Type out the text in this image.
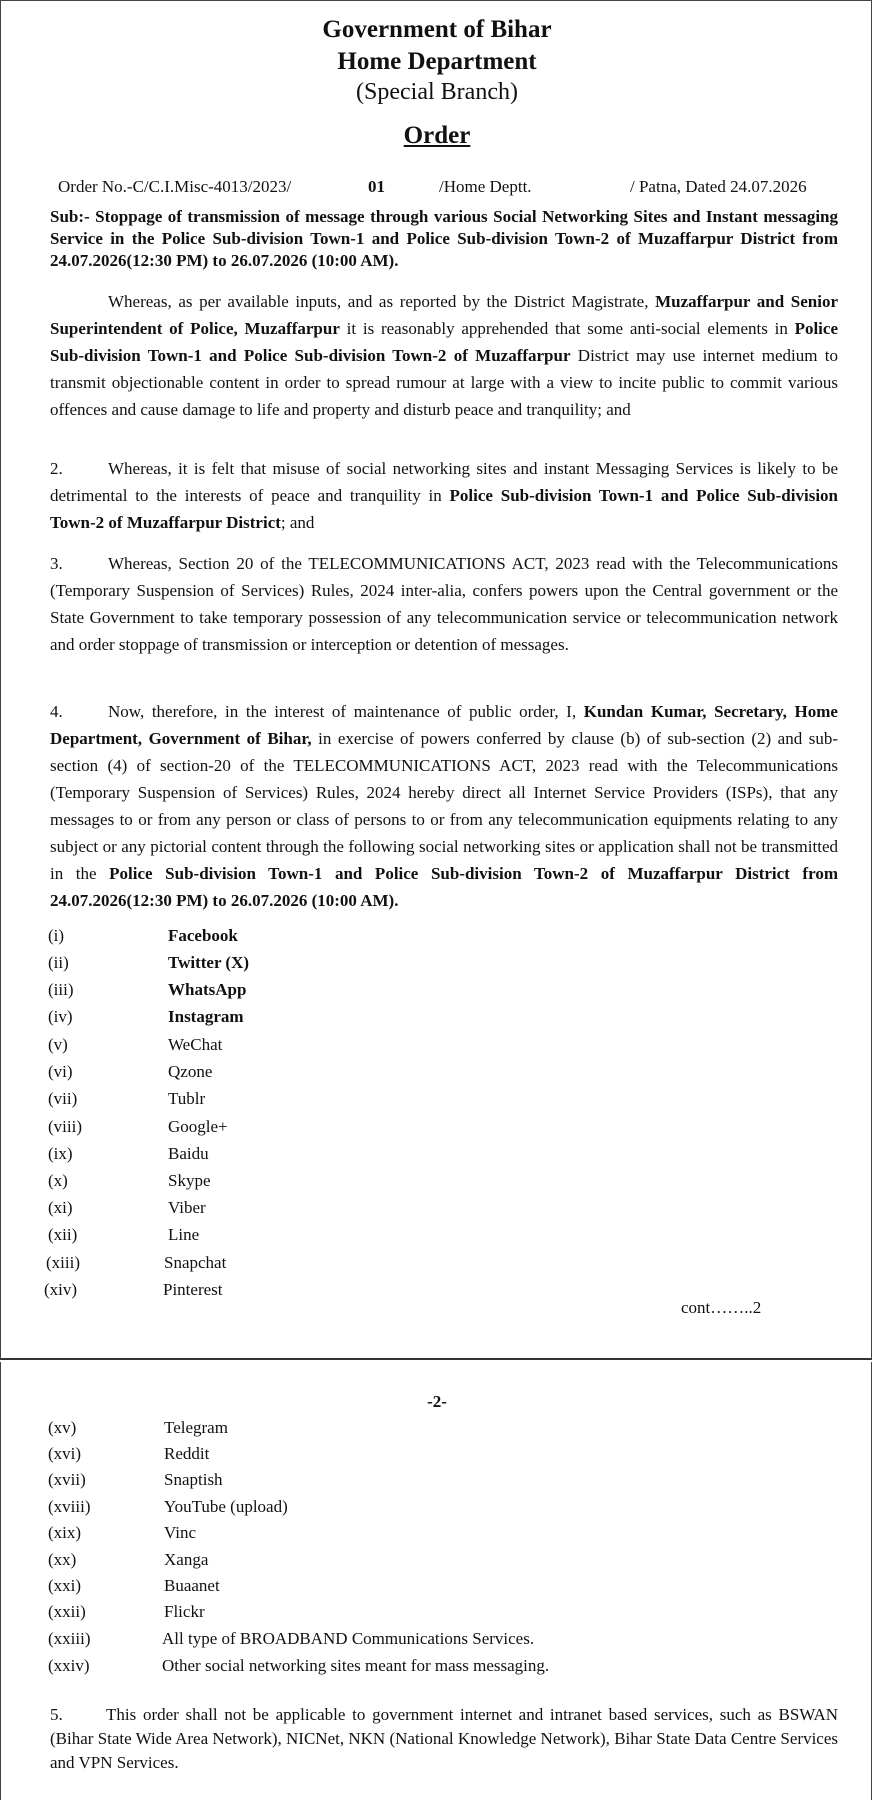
Government of Bihar
Home Department
(Special Branch)
Order
Order No.-C/C.I.Misc-4013/2023/	01	/Home Deptt.	/ Patna, Dated 24.07.2026
Sub:- Stoppage of transmission of message through various Social Networking Sites and Instant messaging Service in the Police Sub-division Town-1 and Police Sub-division Town-2 of Muzaffarpur District from 24.07.2026(12:30 PM) to 26.07.2026 (10:00 AM).
Whereas, as per available inputs, and as reported by the District Magistrate, Muzaffarpur and Senior Superintendent of Police, Muzaffarpur it is reasonably apprehended that some anti-social elements in Police Sub-division Town-1 and Police Sub-division Town-2 of Muzaffarpur District may use internet medium to transmit objectionable content in order to spread rumour at large with a view to incite public to commit various offences and cause damage to life and property and disturb peace and tranquility; and
2.	Whereas, it is felt that misuse of social networking sites and instant Messaging Services is likely to be detrimental to the interests of peace and tranquility in Police Sub-division Town-1 and Police Sub-division Town-2 of Muzaffarpur District; and
3.	Whereas, Section 20 of the TELECOMMUNICATIONS ACT, 2023 read with the Telecommunications (Temporary Suspension of Services) Rules, 2024 inter-alia, confers powers upon the Central government or the State Government to take temporary possession of any telecommunication service or telecommunication network and order stoppage of transmission or interception or detention of messages.
4.	Now, therefore, in the interest of maintenance of public order, I, Kundan Kumar, Secretary, Home Department, Government of Bihar, in exercise of powers conferred by clause (b) of sub-section (2) and sub-section (4) of section-20 of the TELECOMMUNICATIONS ACT, 2023 read with the Telecommunications (Temporary Suspension of Services) Rules, 2024 hereby direct all Internet Service Providers (ISPs), that any messages to or from any person or class of persons to or from any telecommunication equipments relating to any subject or any pictorial content through the following social networking sites or application shall not be transmitted in the Police Sub-division Town-1 and Police Sub-division Town-2 of Muzaffarpur District from 24.07.2026(12:30 PM) to 26.07.2026 (10:00 AM).
(i)	Facebook
(ii)	Twitter (X)
(iii)	WhatsApp
(iv)	Instagram
(v)	WeChat
(vi)	Qzone
(vii)	Tublr
(viii)	Google+
(ix)	Baidu
(x)	Skype
(xi)	Viber
(xii)	Line
(xiii)	Snapchat
(xiv)	Pinterest
cont……..2
-2-
(xv)	Telegram
(xvi)	Reddit
(xvii)	Snaptish
(xviii)	YouTube (upload)
(xix)	Vinc
(xx)	Xanga
(xxi)	Buaanet
(xxii)	Flickr
(xxiii)	All type of BROADBAND Communications Services.
(xxiv)	Other social networking sites meant for mass messaging.
5.	This order shall not be applicable to government internet and intranet based services, such as BSWAN (Bihar State Wide Area Network), NICNet, NKN (National Knowledge Network), Bihar State Data Centre Services and VPN Services.
